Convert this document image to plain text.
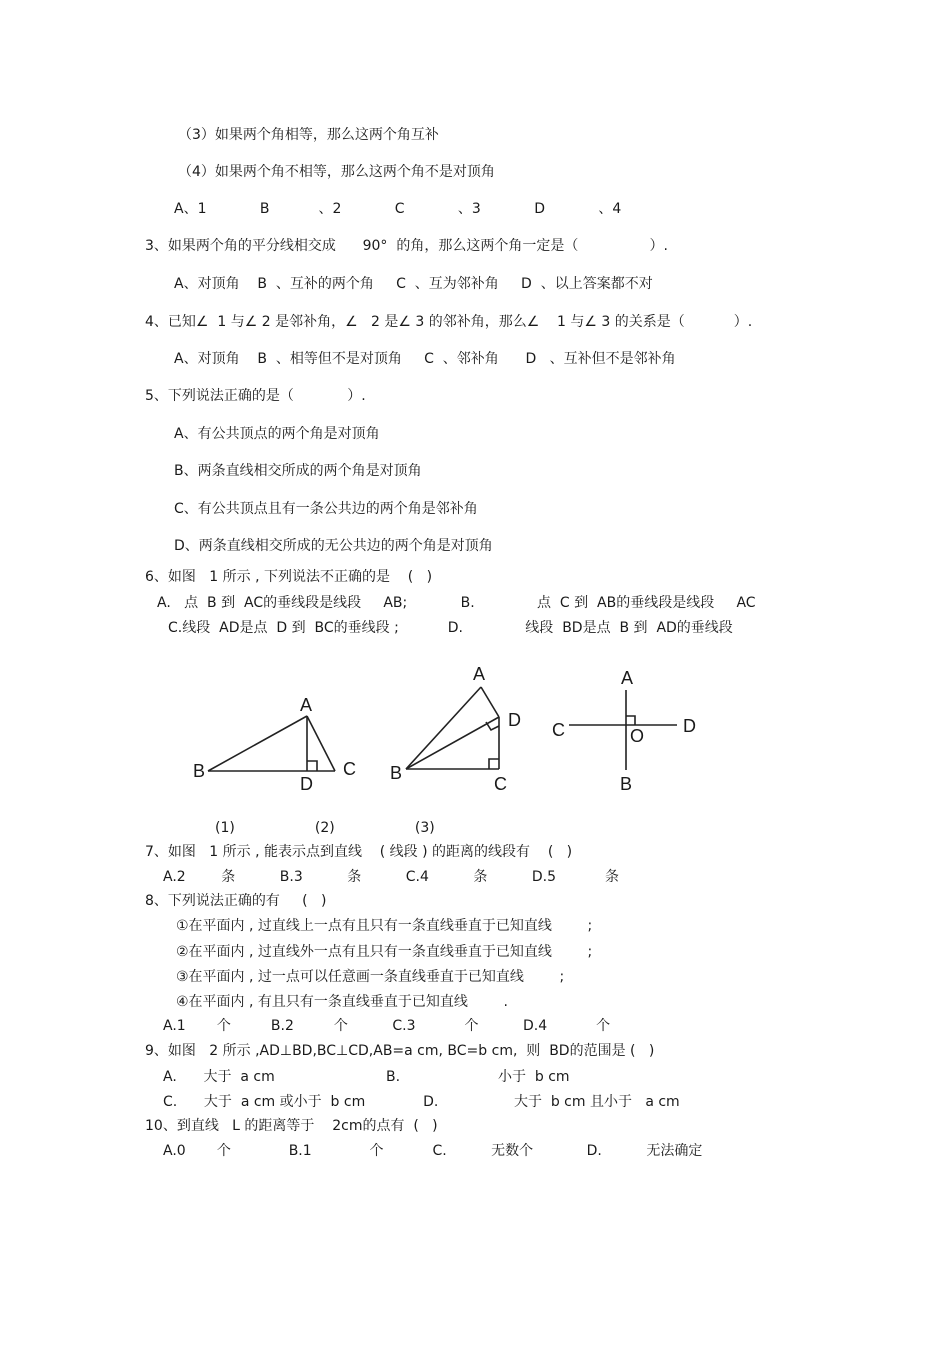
（3）如果两个角相等，那么这两个角互补
（4）如果两个角不相等，那么这两个角不是对顶角
A、1            B           、2            C            、3            D            、4
3、如果两个角的平分线相交成      90°  的角，那么这两个角一定是（                ）.
A、对顶角    B  、互补的两个角     C  、互为邻补角     D  、以上答案都不对
4、已知∠  1 与∠ 2 是邻补角，∠   2 是∠ 3 的邻补角，那么∠    1 与∠ 3 的关系是（           ）.
A、对顶角    B  、相等但不是对顶角     C  、邻补角      D   、互补但不是邻补角
5、下列说法正确的是（            ）.
A、有公共顶点的两个角是对顶角
B、两条直线相交所成的两个角是对顶角
C、有公共顶点且有一条公共边的两个角是邻补角
D、两条直线相交所成的无公共边的两个角是对顶角
6、如图   1 所示 , 下列说法不正确的是    (   )
A.   点  B 到  AC的垂线段是线段     AB;            B.              点  C 到  AB的垂线段是线段     AC
C.线段  AD是点  D 到  BC的垂线段 ;           D.              线段  BD是点  B 到  AD的垂线段
(1)                  (2)                  (3)
7、如图   1 所示 , 能表示点到直线    ( 线段 ) 的距离的线段有    (   )
A.2        条          B.3          条          C.4          条          D.5           条
8、下列说法正确的有     (   )
①在平面内 , 过直线上一点有且只有一条直线垂直于已知直线        ;
②在平面内 , 过直线外一点有且只有一条直线垂直于已知直线        ;
③在平面内 , 过一点可以任意画一条直线垂直于已知直线        ;
④在平面内 , 有且只有一条直线垂直于已知直线        .
A.1       个         B.2         个          C.3           个          D.4           个
9、如图   2 所示 ,AD⊥BD,BC⊥CD,AB=a cm, BC=b cm,  则  BD的范围是 (   )
A.      大于  a cm                         B.                      小于  b cm
C.      大于  a cm 或小于  b cm             D.                 大于  b cm 且小于   a cm
10、到直线   L 的距离等于    2cm的点有  (   )
A.0       个             B.1             个           C.          无数个            D.          无法确定
A
B	C
D
A
B
C
D
A
B
C	D
O
